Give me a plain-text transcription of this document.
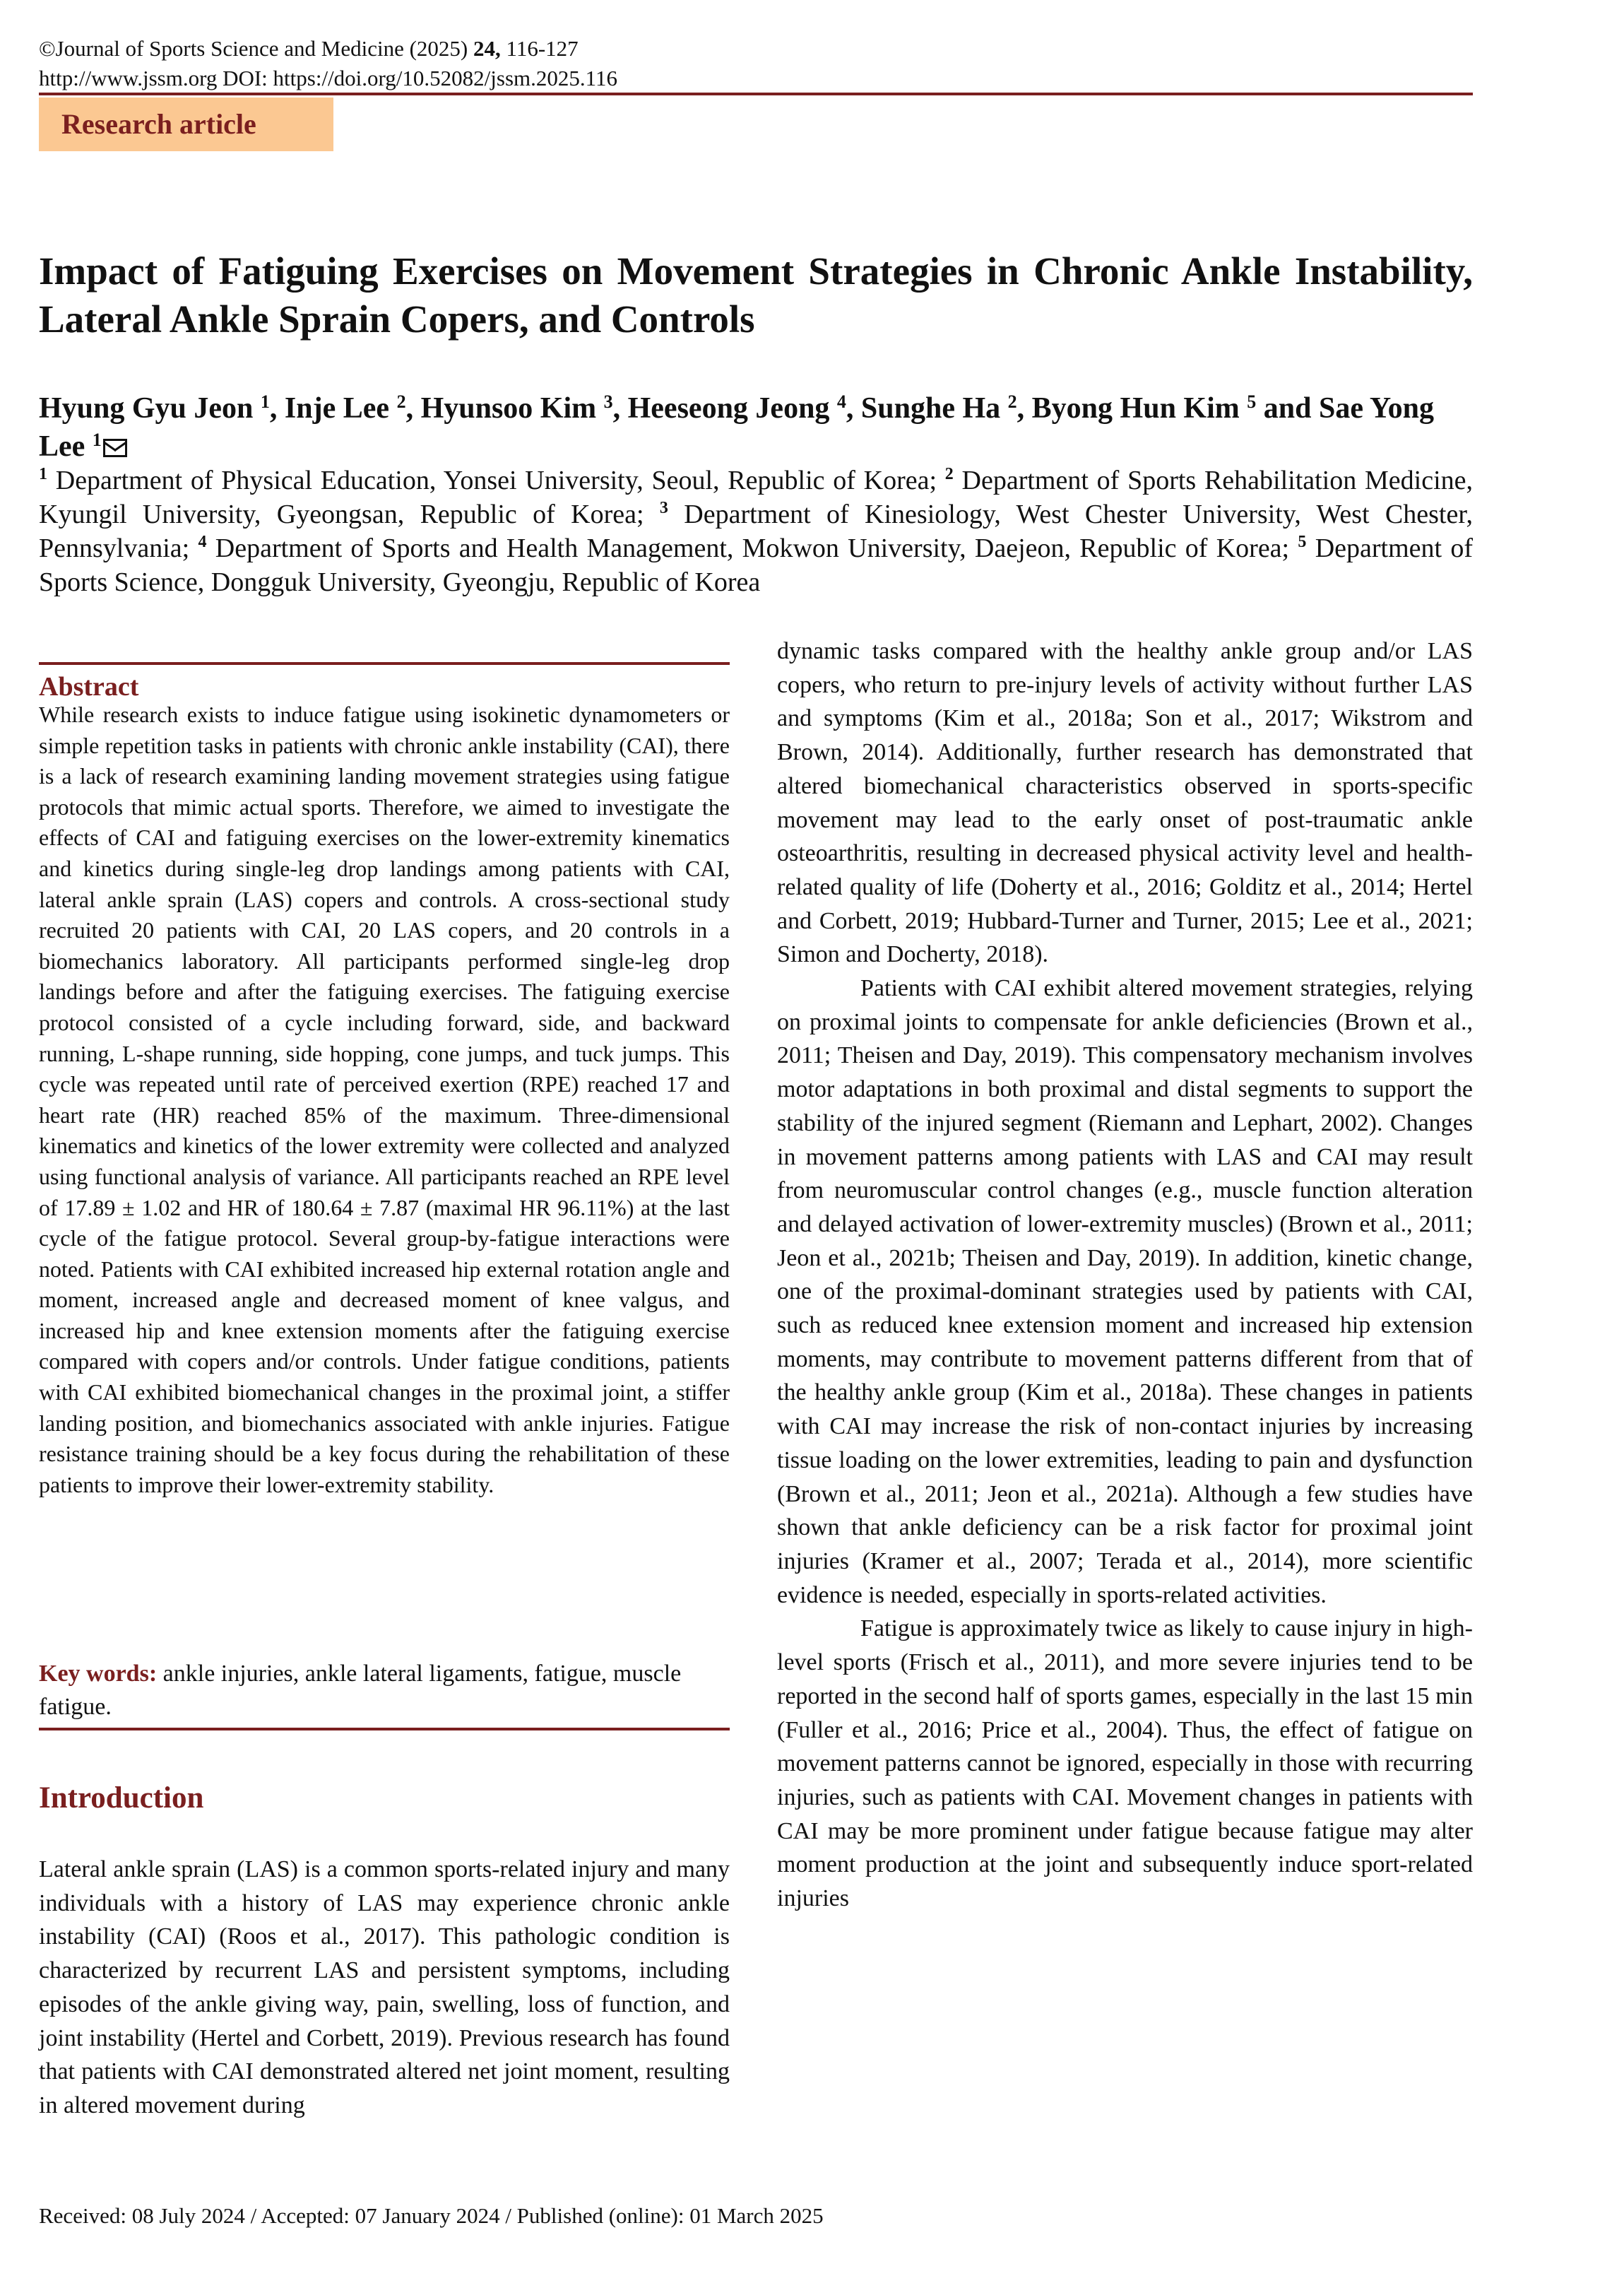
©Journal of Sports Science and Medicine (2025) 24, 116-127
http://www.jssm.org DOI: https://doi.org/10.52082/jssm.2025.116
Research article
Impact of Fatiguing Exercises on Movement Strategies in Chronic Ankle Instability, Lateral Ankle Sprain Copers, and Controls
Hyung Gyu Jeon $^1$, Inje Lee $^2$, Hyunsoo Kim $^3$, Heeseong Jeong $^4$, Sunghe Ha $^2$, Byong Hun Kim $^5$ and Sae Yong Lee $^1$
$^1$ Department of Physical Education, Yonsei University, Seoul, Republic of Korea; $^2$ Department of Sports Rehabilitation Medicine, Kyungil University, Gyeongsan, Republic of Korea; $^3$ Department of Kinesiology, West Chester University, West Chester, Pennsylvania; $^4$ Department of Sports and Health Management, Mokwon University, Daejeon, Republic of Korea; $^5$ Department of Sports Science, Dongguk University, Gyeongju, Republic of Korea
Abstract

While research exists to induce fatigue using isokinetic dynamometers or simple repetition tasks in patients with chronic ankle instability (CAI), there is a lack of research examining landing movement strategies using fatigue protocols that mimic actual sports. Therefore, we aimed to investigate the effects of CAI and fatiguing exercises on the lower-extremity kinematics and kinetics during single-leg drop landings among patients with CAI, lateral ankle sprain (LAS) copers and controls. A cross-sectional study recruited 20 patients with CAI, 20 LAS copers, and 20 controls in a biomechanics laboratory. All participants performed single-leg drop landings before and after the fatiguing exercises. The fatiguing exercise protocol consisted of a cycle including forward, side, and backward running, L-shape running, side hopping, cone jumps, and tuck jumps. This cycle was repeated until rate of perceived exertion (RPE) reached 17 and heart rate (HR) reached 85% of the maximum. Three-dimensional kinematics and kinetics of the lower extremity were collected and analyzed using functional analysis of variance. All participants reached an RPE level of 17.89 ± 1.02 and HR of 180.64 ± 7.87 (maximal HR 96.11%) at the last cycle of the fatigue protocol. Several group-by-fatigue interactions were noted. Patients with CAI exhibited increased hip external rotation angle and moment, increased angle and decreased moment of knee valgus, and increased hip and knee extension moments after the fatiguing exercise compared with copers and/or controls. Under fatigue conditions, patients with CAI exhibited biomechanical changes in the proximal joint, a stiffer landing position, and biomechanics associated with ankle injuries. Fatigue resistance training should be a key focus during the rehabilitation of these patients to improve their lower-extremity stability.

Key words: ankle injuries, ankle lateral ligaments, fatigue, muscle fatigue.
Introduction

Lateral ankle sprain (LAS) is a common sports-related injury and many individuals with a history of LAS may experience chronic ankle instability (CAI) (Roos et al., 2017). This pathologic condition is characterized by recurrent LAS and persistent symptoms, including episodes of the ankle giving way, pain, swelling, loss of function, and joint instability (Hertel and Corbett, 2019). Previous research has found that patients with CAI demonstrated altered net joint moment, resulting in altered movement during

dynamic tasks compared with the healthy ankle group and/or LAS copers, who return to pre-injury levels of activity without further LAS and symptoms (Kim et al., 2018a; Son et al., 2017; Wikstrom and Brown, 2014). Additionally, further research has demonstrated that altered biomechanical characteristics observed in sports-specific movement may lead to the early onset of post-traumatic ankle osteoarthritis, resulting in decreased physical activity level and health-related quality of life (Doherty et al., 2016; Golditz et al., 2014; Hertel and Corbett, 2019; Hubbard-Turner and Turner, 2015; Lee et al., 2021; Simon and Docherty, 2018).

Patients with CAI exhibit altered movement strategies, relying on proximal joints to compensate for ankle deficiencies (Brown et al., 2011; Theisen and Day, 2019). This compensatory mechanism involves motor adaptations in both proximal and distal segments to support the stability of the injured segment (Riemann and Lephart, 2002). Changes in movement patterns among patients with LAS and CAI may result from neuromuscular control changes (e.g., muscle function alteration and delayed activation of lower-extremity muscles) (Brown et al., 2011; Jeon et al., 2021b; Theisen and Day, 2019). In addition, kinetic change, one of the proximal-dominant strategies used by patients with CAI, such as reduced knee extension moment and increased hip extension moments, may contribute to movement patterns different from that of the healthy ankle group (Kim et al., 2018a). These changes in patients with CAI may increase the risk of non-contact injuries by increasing tissue loading on the lower extremities, leading to pain and dysfunction (Brown et al., 2011; Jeon et al., 2021a). Although a few studies have shown that ankle deficiency can be a risk factor for proximal joint injuries (Kramer et al., 2007; Terada et al., 2014), more scientific evidence is needed, especially in sports-related activities.

Fatigue is approximately twice as likely to cause injury in high-level sports (Frisch et al., 2011), and more severe injuries tend to be reported in the second half of sports games, especially in the last 15 min (Fuller et al., 2016; Price et al., 2004). Thus, the effect of fatigue on movement patterns cannot be ignored, especially in those with recurring injuries, such as patients with CAI. Movement changes in patients with CAI may be more prominent under fatigue because fatigue may alter moment production at the joint and subsequently induce sport-related injuries

Received: 08 July 2024 / Accepted: 07 January 2024 / Published (online): 01 March 2025
